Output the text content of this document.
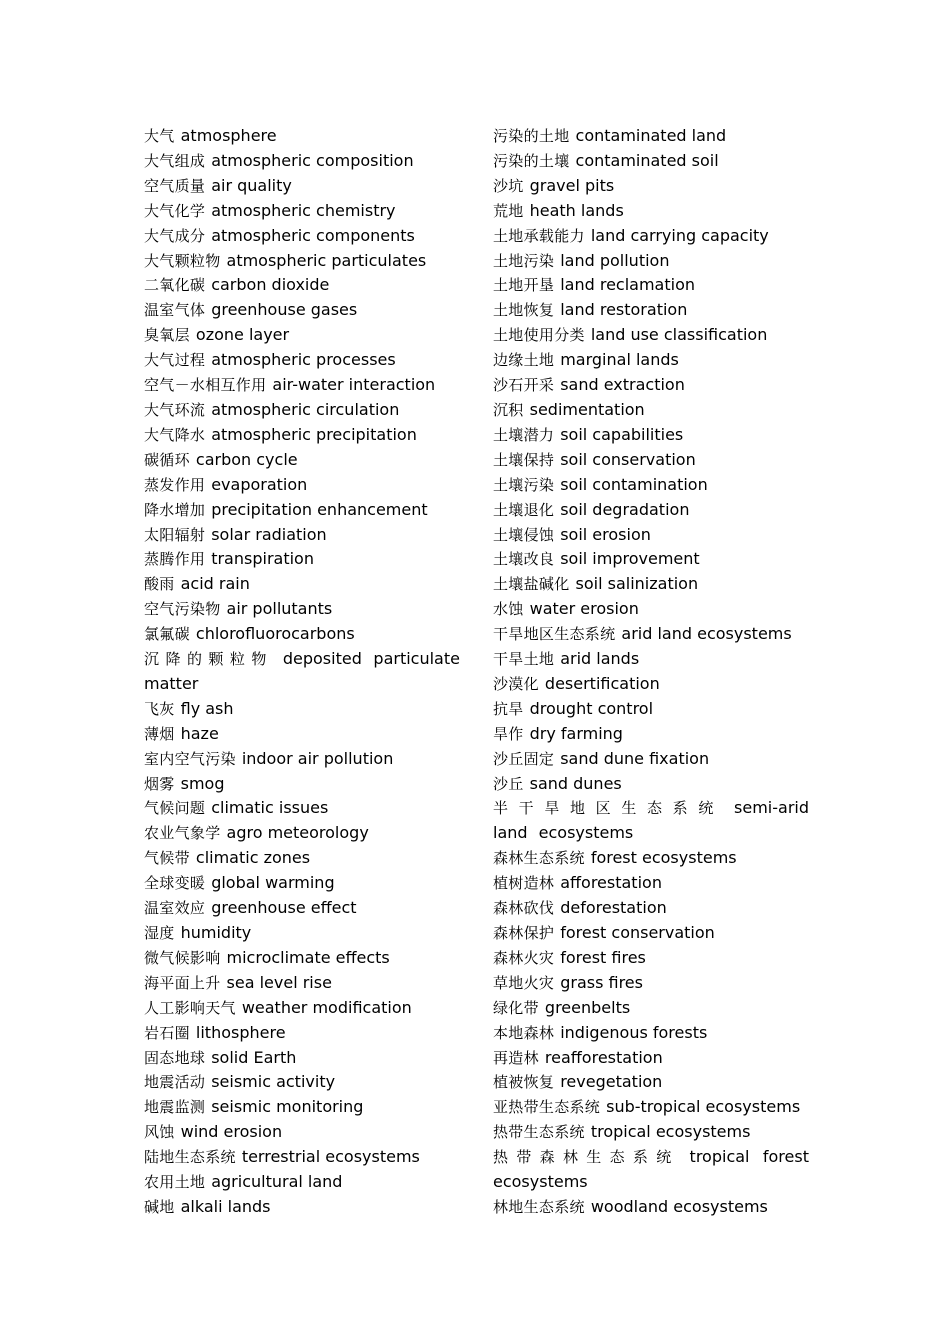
大气 atmosphere
大气组成 atmospheric composition
空气质量 air quality
大气化学 atmospheric chemistry
大气成分 atmospheric components
大气颗粒物 atmospheric particulates
二氧化碳 carbon dioxide
温室气体 greenhouse gases
臭氧层 ozone layer
大气过程 atmospheric processes
空气－水相互作用 air-water interaction
大气环流 atmospheric circulation
大气降水 atmospheric precipitation
碳循环 carbon cycle
蒸发作用 evaporation
降水增加 precipitation enhancement
太阳辐射 solar radiation
蒸腾作用 transpiration
酸雨 acid rain
空气污染物 air pollutants
氯氟碳 chlorofluorocarbons
沉降的颗粒物 deposited particulate matter
飞灰 fly ash
薄烟 haze
室内空气污染 indoor air pollution
烟雾 smog
气候问题 climatic issues
农业气象学 agro meteorology
气候带 climatic zones
全球变暖 global warming
温室效应 greenhouse effect
湿度 humidity
微气候影响 microclimate effects
海平面上升 sea level rise
人工影响天气 weather modification
岩石圈 lithosphere
固态地球 solid Earth
地震活动 seismic activity
地震监测 seismic monitoring
风蚀 wind erosion
陆地生态系统 terrestrial ecosystems
农用土地 agricultural land
碱地 alkali lands
污染的土地 contaminated land
污染的土壤 contaminated soil
沙坑 gravel pits
荒地 heath lands
土地承载能力 land carrying capacity
土地污染 land pollution
土地开垦 land reclamation
土地恢复 land restoration
土地使用分类 land use classification
边缘土地 marginal lands
沙石开采 sand extraction
沉积 sedimentation
土壤潜力 soil capabilities
土壤保持 soil conservation
土壤污染 soil contamination
土壤退化 soil degradation
土壤侵蚀 soil erosion
土壤改良 soil improvement
土壤盐碱化 soil salinization
水蚀 water erosion
干旱地区生态系统 arid land ecosystems
干旱土地 arid lands
沙漠化 desertification
抗旱 drought control
旱作 dry farming
沙丘固定 sand dune fixation
沙丘 sand dunes
半干旱地区生态系统 semi-arid land ecosystems
森林生态系统 forest ecosystems
植树造林 afforestation
森林砍伐 deforestation
森林保护 forest conservation
森林火灾 forest fires
草地火灾 grass fires
绿化带 greenbelts
本地森林 indigenous forests
再造林 reafforestation
植被恢复 revegetation
亚热带生态系统 sub-tropical ecosystems
热带生态系统 tropical ecosystems
热带森林生态系统 tropical forest ecosystems
林地生态系统 woodland ecosystems
